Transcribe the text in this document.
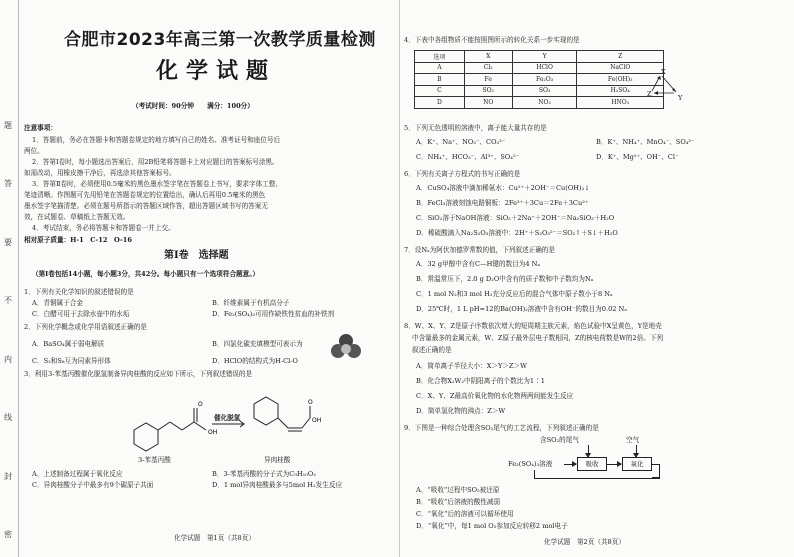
题
答
要
不
内
线
封
密
合肥市2023年高三第一次教学质量检测
化学试题
（考试时间：90分钟　　满分：100分）
注意事项：
1．答题前，务必在答题卡和答题卷规定的地方填写自己的姓名、准考证号和座位号后
两位。
2．答第Ⅰ卷时，每小题选出答案后，用2B铅笔将答题卡上对应题目的答案标号涂黑。
如需改动，用橡皮擦干净后，再选涂其他答案标号。
3．答第Ⅱ卷时，必须使用0.5毫米的黑色墨水签字笔在答题卷上书写，要求字体工整、
笔迹清晰。作图题可先用铅笔在答题卷规定的位置绘出，确认后再用0.5毫米的黑色
墨水签字笔描清楚。必须在题号所指示的答题区域作答，超出答题区域书写的答案无
效，在试题卷、草稿纸上答题无效。
4．考试结束，务必将答题卡和答题卷一并上交。
相对原子质量：H-1　C-12　O-16
第Ⅰ卷　选择题
（第Ⅰ卷包括14小题，每小题3分，共42分。每小题只有一个选项符合题意。）
1．下列有关化学知识的叙述错误的是
A．青铜属于合金	B．纤维素属于有机高分子
C．白醋可用于去除水壶中的水垢	D．Fe₂(SO₄)₃可用作缺铁性贫血的补铁剂
2．下列化学概念或化学用语叙述正确的是
A．BaSO₄属于弱电解质	B．四氯化碳充填模型可表示为
C．S₂和S₈互为同素异形体	D．HClO的结构式为H-Cl-O
3．利用3-苯基丙酸催化脱氢制备异肉桂酸的反应如下所示，下列叙述错误的是
O
OH
O
OH
催化脱氢
3-苯基丙酸	异肉桂酸
A．上述制备过程属于氧化反应	B．3-苯基丙酸的分子式为C₉H₁₀O₂
C．异肉桂酸分子中最多有9个碳原子共面	D．1 mol异肉桂酸最多与5mol H₂发生反应
化学试题　第1页（共8页）
4．下表中各组物质不能按照图所示的转化关系一步实现的是
选项	X	Y	Z
A	Cl₂	HClO	NaClO
B	Fe	Fe₂O₃	Fe(OH)₃
C	SO₂	SO₃	H₂SO₄
D	NO	NO₂	HNO₃
X
Y
Z
5．下列无色透明的溶液中，离子能大量共存的是
A．K⁺、Na⁺、NO₃⁻、CO₃²⁻	B．K⁺、NH₄⁺、MnO₄⁻、SO₄²⁻
C．NH₄⁺、HCO₃⁻、Al³⁺、SO₄²⁻	D．K⁺、Mg²⁺、OH⁻、Cl⁻
6．下列有关离子方程式的书写正确的是
A．CuSO₄溶液中滴加稀氨水：Cu²⁺＋2OH⁻＝Cu(OH)₂↓
B．FeCl₃溶液刻蚀电路铜板：2Fe³⁺＋3Cu＝2Fe＋3Cu²⁺
C．SiO₂溶于NaOH溶液：SiO₂＋2Na⁺＋2OH⁻＝Na₂SiO₃＋H₂O
D．稀硫酸滴入Na₂S₂O₃溶液中：2H⁺＋S₂O₃²⁻＝SO₂↑＋S↓＋H₂O
7．设Nₐ为阿伏加德罗常数的值，下列叙述正确的是
A．32 g甲醇中含有C—H键的数目为4 Nₐ
B．常温常压下，2.0 g D₂O中含有的质子数和中子数均为Nₐ
C．1 mol N₂和3 mol H₂充分反应后的混合气体中原子数小于8 Nₐ
D．25℃时，1 L pH=12的Ba(OH)₂溶液中含有OH⁻的数目为0.02 Nₐ
8．W、X、Y、Z是原子序数依次增大的短周期主族元素，焰色试验中X呈黄色，Y是地壳
中含量最多的金属元素，W、Z原子最外层电子数相同，Z的核电荷数是W的2倍。下列
叙述正确的是
A．简单离子半径大小：X＞Y＞Z＞W
B．化合物X₂W₂中阴阳离子的个数比为1∶1
C．X、Y、Z最高价氧化物的水化物两两间能发生反应
D．简单氢化物的沸点：Z＞W
9．下图是一种综合处理含SO₂尾气的工艺流程，下列叙述正确的是
含SO₂的尾气	空气
Fe₂(SO₄)₃溶液	吸收	氧化
A．“吸收”过程中SO₂被还原
B．“吸收”后溶液的酸性减弱
C．“氧化”后的溶液可以循环使用
D．“氧化”中，每1 mol O₂参加反应转移2 mol电子
化学试题　第2页（共8页）
